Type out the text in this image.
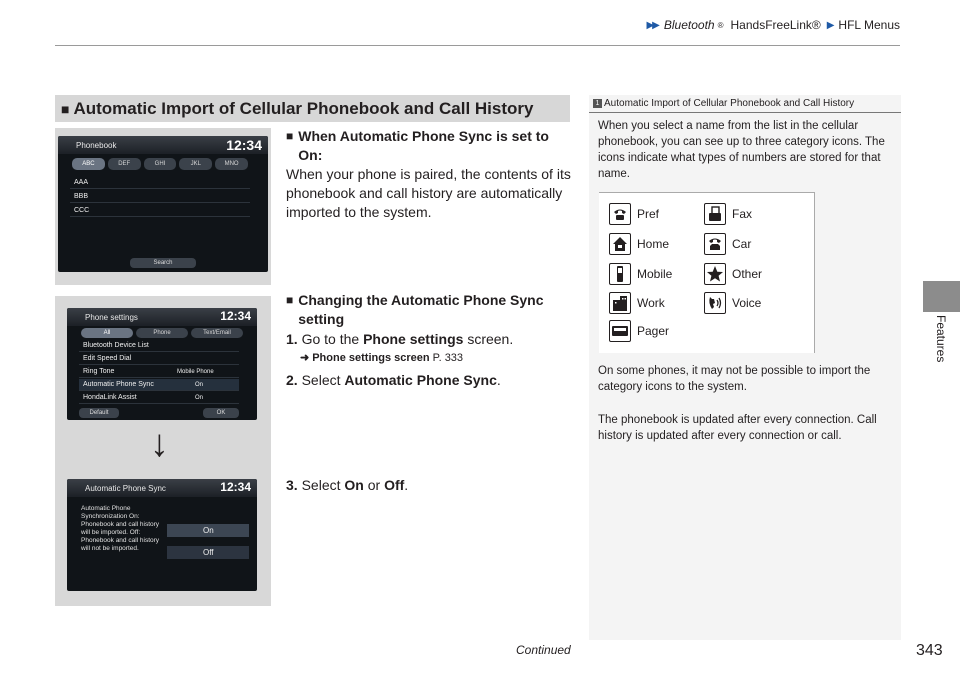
▶▶ Bluetooth ® HandsFreeLink® ▶ HFL Menus
Features
■ Automatic Import of Cellular Phonebook and Call History
Phonebook	12:34
ABC	DEF	GHI	JKL	MNO
AAA
BBB
CCC
Search
Phone settings	12:34
All	Phone	Text/Email
Bluetooth Device List
Edit Speed Dial
Ring Tone	Mobile Phone
Automatic Phone Sync	On
HondaLink Assist	On
Default	OK
Automatic Phone Sync	12:34
Automatic Phone Synchronization On: Phonebook and call history will be imported. Off: Phonebook and call history will not be imported.
On
Off
↓
■ When Automatic Phone Sync is set to On:
When your phone is paired, the contents of its phonebook and call history are automatically imported to the system.
■ Changing the Automatic Phone Sync setting
1. Go to the Phone settings screen.
➜ Phone settings screen P. 333
2. Select Automatic Phone Sync.
3. Select On or Off.
1 Automatic Import of Cellular Phonebook and Call History
When you select a name from the list in the cellular phonebook, you can see up to three category icons. The icons indicate what types of numbers are stored for that name.
Pref	Fax
Home	Car
Mobile	Other
Work	Voice
Pager
On some phones, it may not be possible to import the category icons to the system.
The phonebook is updated after every connection. Call history is updated after every connection or call.
Continued	343
